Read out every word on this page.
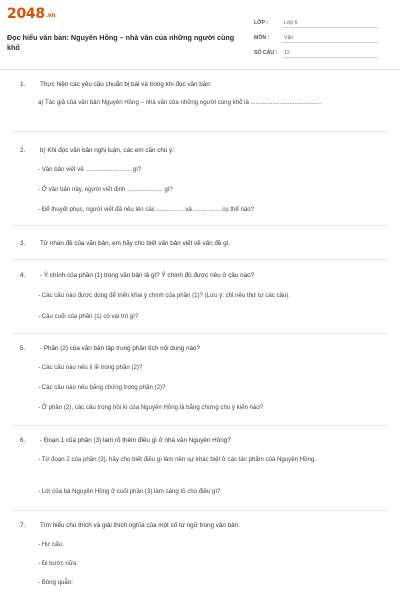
2048.vn
Đọc hiểu văn bản: Nguyên Hồng – nhà văn của những người cùng khổ
LỚP :	Lớp 6
MÔN :	Văn
SỐ CÂU : 12
1. Thực hiện các yêu cầu chuẩn bị bài và trong khi đọc văn bản:
a) Tác giả của văn bản Nguyên Hồng – nhà văn của những người cùng khổ là ..........................................
2. b) Khi đọc văn bản nghị luận, các em cần chú ý:
- Văn bản viết về ........................... gì?
- Ở văn bản này, người viết định ..................... gì?
- Để thuyết phục, người viết đã nêu lên các ................ và ................ cụ thể nào?
3. Từ nhan đề của văn bản, em hãy cho biết văn bản viết về vấn đề gì.
4. - Ý chính của phần (1) trong văn bản là gì? Ý chính đó được nêu ở câu nào?
- Các câu nào được dùng để triển khai ý chính của phần (1)? (Lưu ý: chỉ nêu thứ tự các câu).
- Câu cuối của phần (1) có vai trò gì?
5. - Phần (2) của văn bản tập trung phân tích nội dung nào?
- Các câu nào nêu lí lẽ trong phần (2)?
- Các câu nào nêu bằng chứng trong phần (2)?
- Ở phần (2), các câu trong hồi kí của Nguyên Hồng là bằng chứng cho ý kiến nào?
6. - Đoạn 1 của phần (3) làm rõ thêm điều gì ở nhà văn Nguyên Hồng?
- Từ đoạn 2 của phần (3), hãy cho biết điều gì làm nên sự khác biệt ở các tác phẩm của Nguyên Hồng.
- Lời của bà Nguyên Hồng ở cuối phần (3) làm sáng tỏ cho điều gì?
7. Tìm hiểu chú thích và giải thích nghĩa của một số từ ngữ trong văn bản:
- Hư cấu:
- Đi bước nữa:
- Bòng quẫn:
